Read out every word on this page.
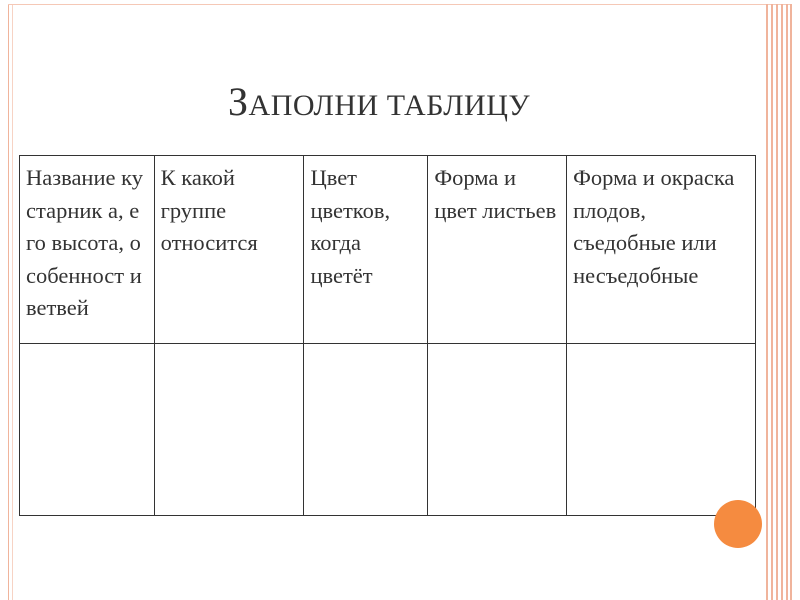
ЗАПОЛНИ ТАБЛИЦУ
Название кустарник а, его высота, особенност и ветвей	К какой группе относится	Цвет цветков, когда цветёт	Форма и цвет листьев	Форма и окраска плодов, съедобные или несъедобные
